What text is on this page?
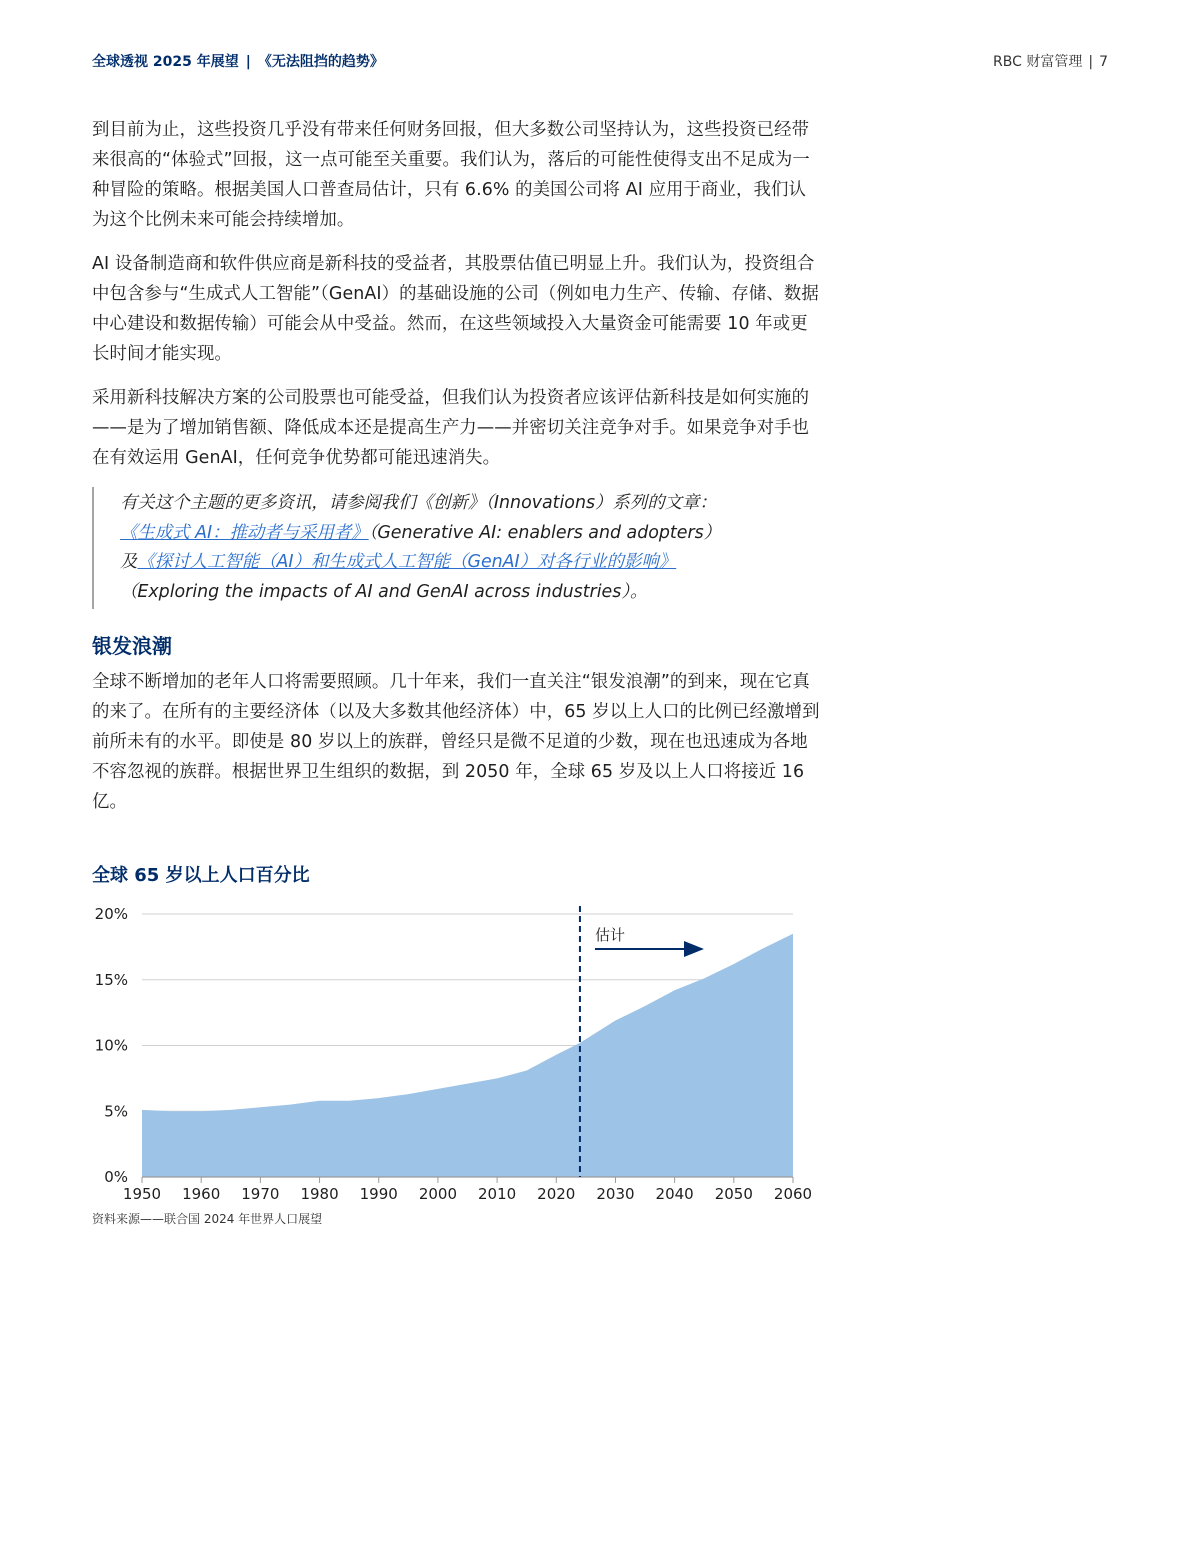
全球透视 2025 年展望 | 《无法阻挡的趋势》	RBC 财富管理 | 7

到目前为止，这些投资几乎没有带来任何财务回报，但大多数公司坚持认为，这些投资已经带来很高的“体验式”回报，这一点可能至关重要。我们认为，落后的可能性使得支出不足成为一种冒险的策略。根据美国人口普查局估计，只有 6.6% 的美国公司将 AI 应用于商业，我们认为这个比例未来可能会持续增加。

AI 设备制造商和软件供应商是新科技的受益者，其股票估值已明显上升。我们认为，投资组合中包含参与“生成式人工智能”（GenAI）的基础设施的公司（例如电力生产、传输、存储、数据中心建设和数据传输）可能会从中受益。然而，在这些领域投入大量资金可能需要 10 年或更长时间才能实现。

采用新科技解决方案的公司股票也可能受益，但我们认为投资者应该评估新科技是如何实施的——是为了增加销售额、降低成本还是提高生产力——并密切关注竞争对手。如果竞争对手也在有效运用 GenAI，任何竞争优势都可能迅速消失。

有关这个主题的更多资讯，请参阅我们《创新》（Innovations）系列的文章：
《生成式 AI：推动者与采用者》（Generative AI: enablers and adopters）
及《探讨人工智能（AI）和生成式人工智能（GenAI）对各行业的影响》
（Exploring the impacts of AI and GenAI across industries）。
银发浪潮

全球不断增加的老年人口将需要照顾。几十年来，我们一直关注“银发浪潮”的到来，现在它真的来了。在所有的主要经济体（以及大多数其他经济体）中，65 岁以上人口的比例已经激增到前所未有的水平。即使是 80 岁以上的族群，曾经只是微不足道的少数，现在也迅速成为各地不容忽视的族群。根据世界卫生组织的数据，到 2050 年，全球 65 岁及以上人口将接近 16 亿。

全球 65 岁以上人口百分比
0%
5%
10%
15%
20%
1950 1960 1970 1980 1990 2000 2010 2020 2030 2040 2050 2060
估计
资料来源——联合国 2024 年世界人口展望
